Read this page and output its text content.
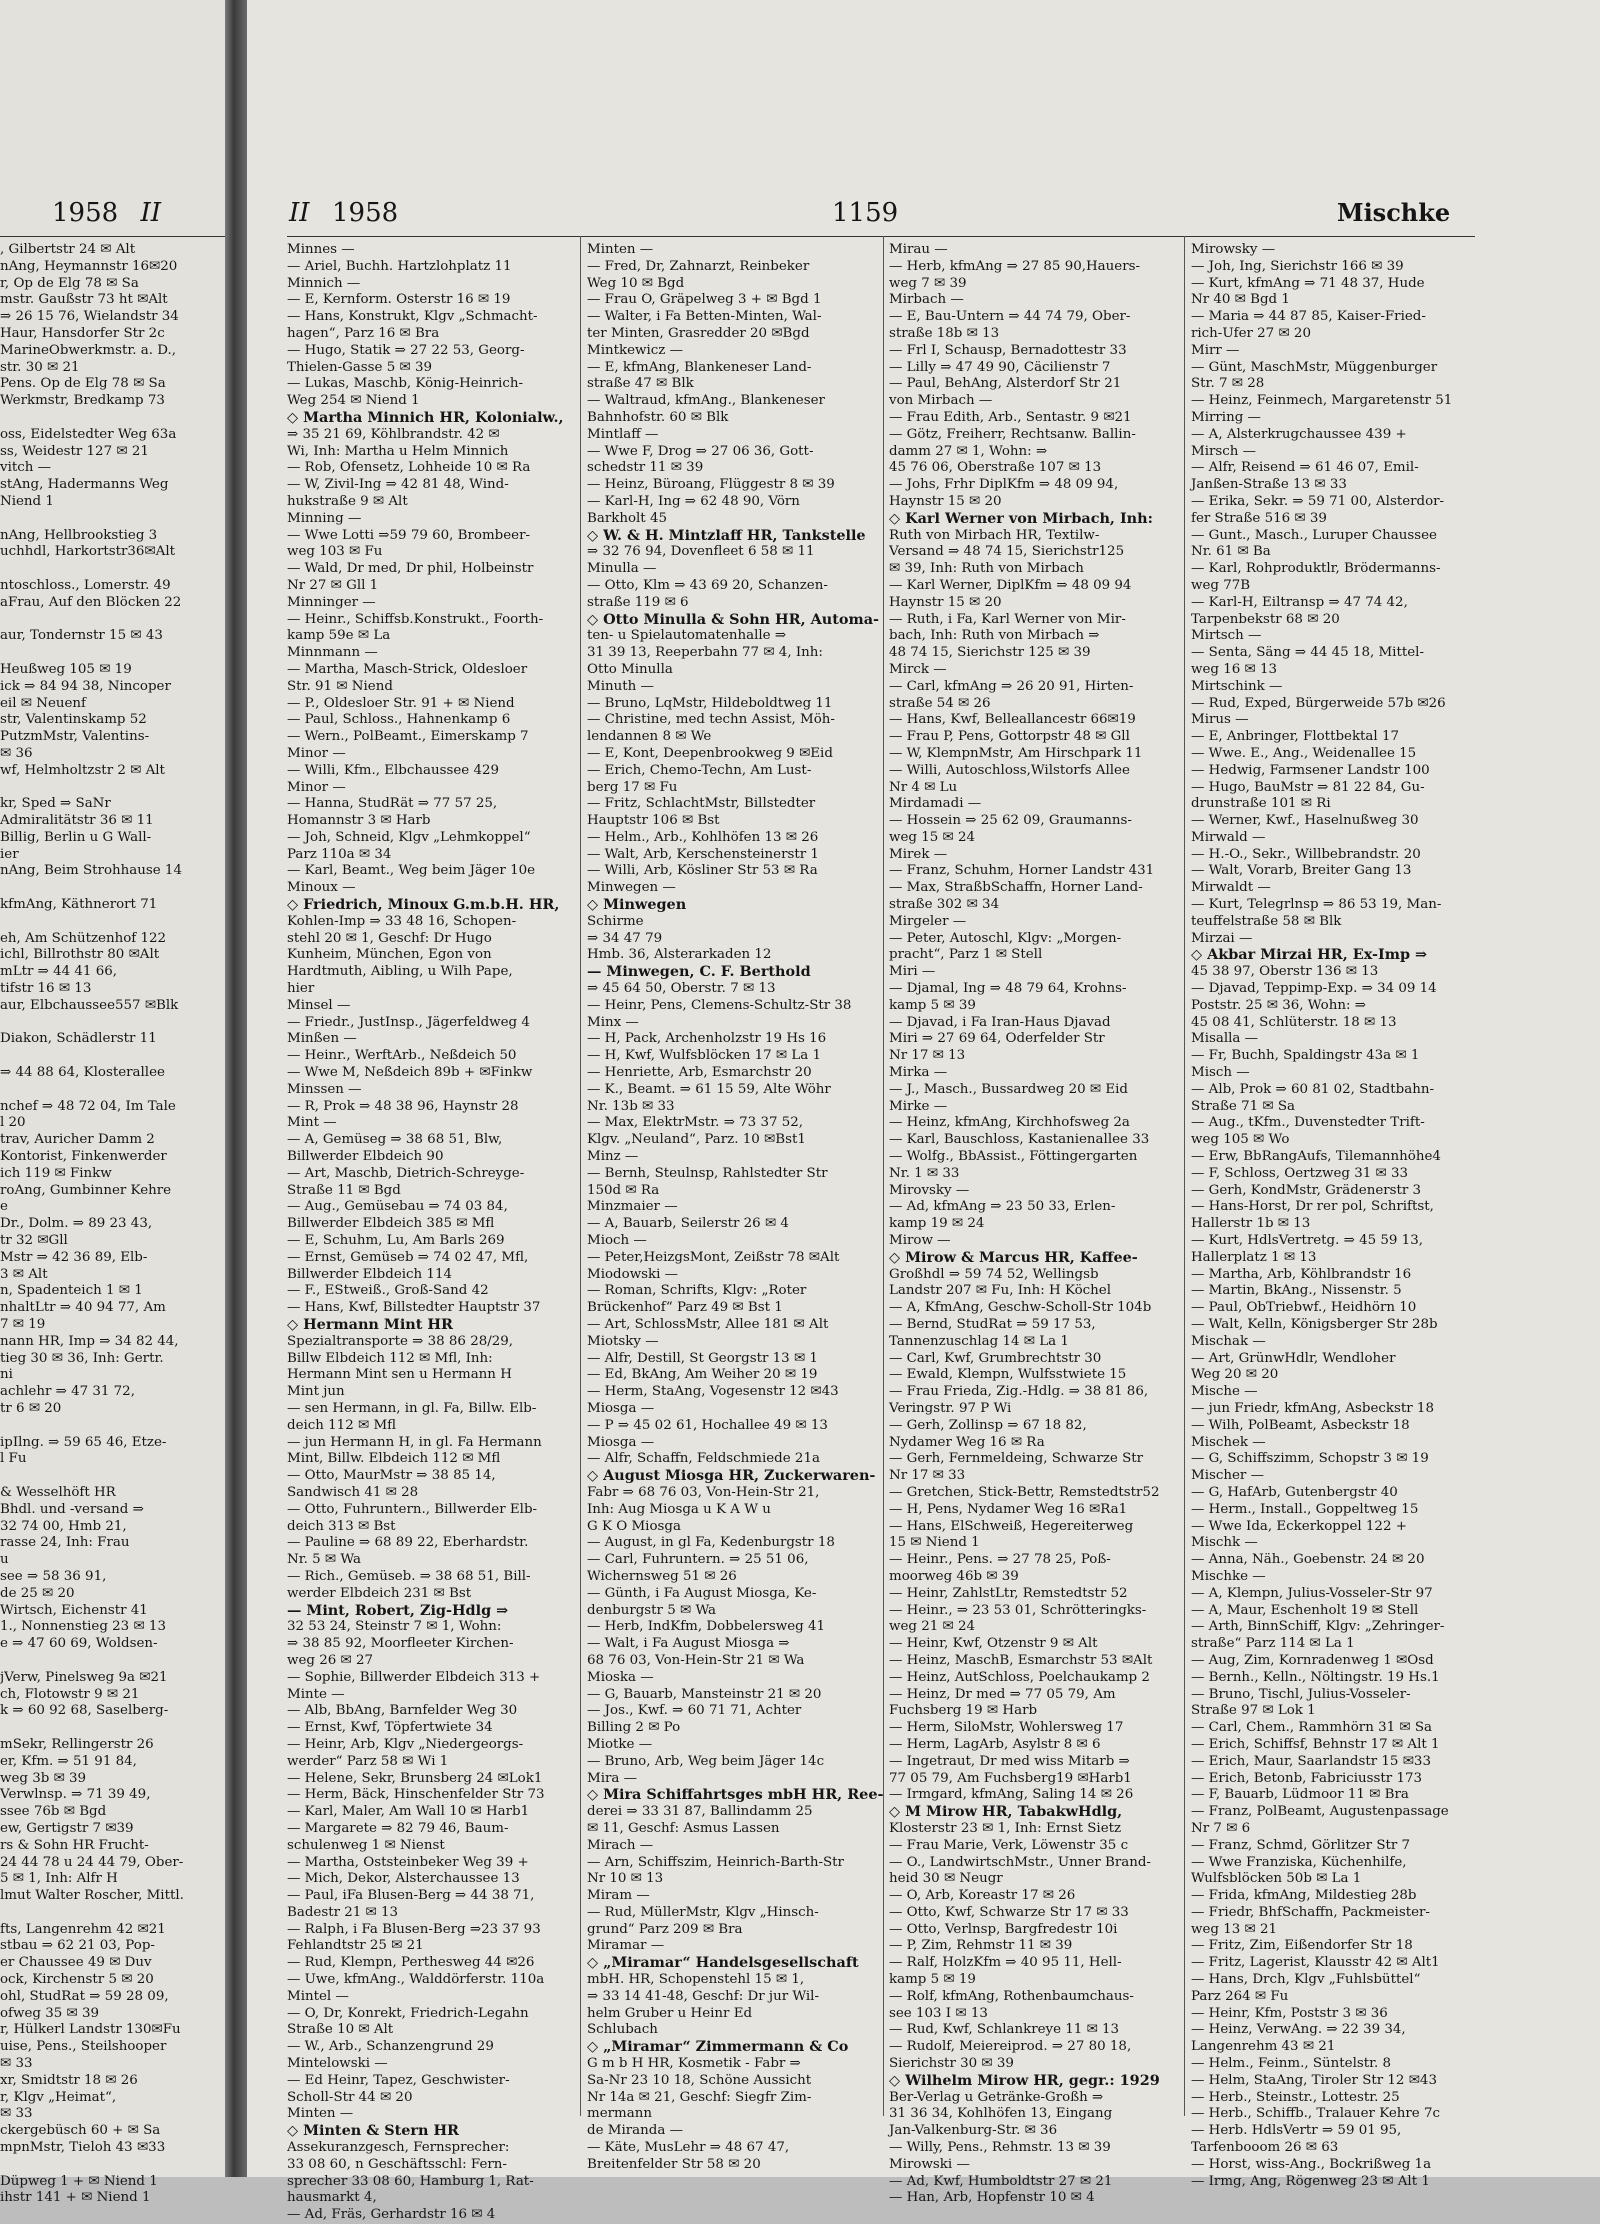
1958 II
, Gilbertstr 24 ✉ Alt
nAng, Heymannstr 16✉20
r, Op de Elg 78 ✉ Sa
mstr. Gaußstr 73 ht ✉Alt
⇒ 26 15 76, Wielandstr 34
Haur, Hansdorfer Str 2c
MarineObwerkmstr. a. D.,
str. 30 ✉ 21
Pens. Op de Elg 78 ✉ Sa
Werkmstr, Bredkamp 73

oss, Eidelstedter Weg 63a
ss, Weidestr 127 ✉ 21
vitch —
stAng, Hadermanns Weg
Niend 1

nAng, Hellbrookstieg 3
uchhdl, Harkortstr36✉Alt

ntoschloss., Lomerstr. 49
aFrau, Auf den Blöcken 22

aur, Tondernstr 15 ✉ 43

Heußweg 105 ✉ 19
ick ⇒ 84 94 38, Nincoper
eil ✉ Neuenf
str, Valentinskamp 52
PutzmMstr, Valentins-
✉ 36
wf, Helmholtzstr 2 ✉ Alt

kr, Sped ⇒ SaNr
Admiralitätstr 36 ✉ 11
Billig, Berlin u G Wall-
ier
nAng, Beim Strohhause 14

kfmAng, Käthnerort 71

eh, Am Schützenhof 122
ichl, Billrothstr 80 ✉Alt
mLtr ⇒ 44 41 66,
tifstr 16 ✉ 13
aur, Elbchaussee557 ✉Blk

Diakon, Schädlerstr 11

⇒ 44 88 64, Klosterallee

nchef ⇒ 48 72 04, Im Tale
l 20
trav, Auricher Damm 2
Kontorist, Finkenwerder
ich 119 ✉ Finkw
roAng, Gumbinner Kehre
e
Dr., Dolm. ⇒ 89 23 43,
tr 32 ✉Gll
Mstr ⇒ 42 36 89, Elb-
3 ✉ Alt
n, Spadenteich 1 ✉ 1
nhaltLtr ⇒ 40 94 77, Am
7 ✉ 19
nann HR, Imp ⇒ 34 82 44,
tieg 30 ✉ 36, Inh: Gertr.
ni
achlehr ⇒ 47 31 72,
tr 6 ✉ 20

ipIlng. ⇒ 59 65 46, Etze-
l Fu

& Wesselhöft HR
Bhdl. und -versand ⇒
32 74 00, Hmb 21,
rasse 24, Inh: Frau
u
see ⇒ 58 36 91,
de 25 ✉ 20
Wirtsch, Eichenstr 41
1., Nonnenstieg 23 ✉ 13
e ⇒ 47 60 69, Woldsen-

jVerw, Pinelsweg 9a ✉21
ch, Flotowstr 9 ✉ 21
k ⇒ 60 92 68, Saselberg-

mSekr, Rellingerstr 26
er, Kfm. ⇒ 51 91 84,
weg 3b ✉ 39
Verwlnsp. ⇒ 71 39 49,
ssee 76b ✉ Bgd
ew, Gertigstr 7 ✉39
rs & Sohn HR Frucht-
24 44 78 u 24 44 79, Ober-
5 ✉ 1, Inh: Alfr H
lmut Walter Roscher, Mittl.

fts, Langenrehm 42 ✉21
stbau ⇒ 62 21 03, Pop-
er Chaussee 49 ✉ Duv
ock, Kirchenstr 5 ✉ 20
ohl, StudRat ⇒ 59 28 09,
ofweg 35 ✉ 39
r, Hülkerl Landstr 130✉Fu
uise, Pens., Steilshooper
✉ 33
xr, Smidtstr 18 ✉ 26
r, Klgv „Heimat“,
✉ 33
ckergebüsch 60 + ✉ Sa
mpnMstr, Tieloh 43 ✉33

Düpweg 1 + ✉ Niend 1
ihstr 141 + ✉ Niend 1
II 1958	1159	Mischke
Minnes —
— Ariel, Buchh. Hartzlohplatz 11
Minnich —
— E, Kernform. Osterstr 16 ✉ 19
— Hans, Konstrukt, Klgv „Schmacht-
hagen“, Parz 16 ✉ Bra
— Hugo, Statik ⇒ 27 22 53, Georg-
Thielen-Gasse 5 ✉ 39
— Lukas, Maschb, König-Heinrich-
Weg 254 ✉ Niend 1
◇ Martha Minnich HR, Kolonialw.,
⇒ 35 21 69, Köhlbrandstr. 42 ✉
Wi, Inh: Martha u Helm Minnich
— Rob, Ofensetz, Lohheide 10 ✉ Ra
— W, Zivil-Ing ⇒ 42 81 48, Wind-
hukstraße 9 ✉ Alt
Minning —
— Wwe Lotti ⇒59 79 60, Brombeer-
weg 103 ✉ Fu
— Wald, Dr med, Dr phil, Holbeinstr
Nr 27 ✉ Gll 1
Minninger —
— Heinr., Schiffsb.Konstrukt., Foorth-
kamp 59e ✉ La
Minnmann —
— Martha, Masch-Strick, Oldesloer
Str. 91 ✉ Niend
— P., Oldesloer Str. 91 + ✉ Niend
— Paul, Schloss., Hahnenkamp 6
— Wern., PolBeamt., Eimerskamp 7
Minor —
— Willi, Kfm., Elbchaussee 429
Minor —
— Hanna, StudRät ⇒ 77 57 25,
Homannstr 3 ✉ Harb
— Joh, Schneid, Klgv „Lehmkoppel“
Parz 110a ✉ 34
— Karl, Beamt., Weg beim Jäger 10e
Minoux —
◇ Friedrich, Minoux G.m.b.H. HR,
Kohlen-Imp ⇒ 33 48 16, Schopen-
stehl 20 ✉ 1, Geschf: Dr Hugo
Kunheim, München, Egon von
Hardtmuth, Aibling, u Wilh Pape,
hier
Minsel —
— Friedr., JustInsp., Jägerfeldweg 4
Minßen —
— Heinr., WerftArb., Neßdeich 50
— Wwe M, Neßdeich 89b + ✉Finkw
Minssen —
— R, Prok ⇒ 48 38 96, Haynstr 28
Mint —
— A, Gemüseg ⇒ 38 68 51, Blw,
Billwerder Elbdeich 90
— Art, Maschb, Dietrich-Schreyge-
Straße 11 ✉ Bgd
— Aug., Gemüsebau ⇒ 74 03 84,
Billwerder Elbdeich 385 ✉ Mfl
— E, Schuhm, Lu, Am Barls 269
— Ernst, Gemüseb ⇒ 74 02 47, Mfl,
Billwerder Elbdeich 114
— F., EStweiß., Groß-Sand 42
— Hans, Kwf, Billstedter Hauptstr 37
◇ Hermann Mint HR
Spezialtransporte ⇒ 38 86 28/29,
Billw Elbdeich 112 ✉ Mfl, Inh:
Hermann Mint sen u Hermann H
Mint jun
— sen Hermann, in gl. Fa, Billw. Elb-
deich 112 ✉ Mfl
— jun Hermann H, in gl. Fa Hermann
Mint, Billw. Elbdeich 112 ✉ Mfl
— Otto, MaurMstr ⇒ 38 85 14,
Sandwisch 41 ✉ 28
— Otto, Fuhruntern., Billwerder Elb-
deich 313 ✉ Bst
— Pauline ⇒ 68 89 22, Eberhardstr.
Nr. 5 ✉ Wa
— Rich., Gemüseb. ⇒ 38 68 51, Bill-
werder Elbdeich 231 ✉ Bst
— Mint, Robert, Zig-Hdlg ⇒
32 53 24, Steinstr 7 ✉ 1, Wohn:
⇒ 38 85 92, Moorfleeter Kirchen-
weg 26 ✉ 27
— Sophie, Billwerder Elbdeich 313 +
Minte —
— Alb, BbAng, Barnfelder Weg 30
— Ernst, Kwf, Töpfertwiete 34
— Heinr, Arb, Klgv „Niedergeorgs-
werder“ Parz 58 ✉ Wi 1
— Helene, Sekr, Brunsberg 24 ✉Lok1
— Herm, Bäck, Hinschenfelder Str 73
— Karl, Maler, Am Wall 10 ✉ Harb1
— Margarete ⇒ 82 79 46, Baum-
schulenweg 1 ✉ Nienst
— Martha, Oststeinbeker Weg 39 +
— Mich, Dekor, Alsterchaussee 13
— Paul, iFa Blusen-Berg ⇒ 44 38 71,
Badestr 21 ✉ 13
— Ralph, i Fa Blusen-Berg ⇒23 37 93
Fehlandtstr 25 ✉ 21
— Rud, Klempn, Perthesweg 44 ✉26
— Uwe, kfmAng., Walddörferstr. 110a
Mintel —
— O, Dr, Konrekt, Friedrich-Legahn
Straße 10 ✉ Alt
— W., Arb., Schanzengrund 29
Mintelowski —
— Ed Heinr, Tapez, Geschwister-
Scholl-Str 44 ✉ 20
Minten —
◇ Minten & Stern HR
Assekuranzgesch, Fernsprecher:
33 08 60, n Geschäftsschl: Fern-
sprecher 33 08 60, Hamburg 1, Rat-
hausmarkt 4,
— Ad, Fräs, Gerhardstr 16 ✉ 4
Minten —
— Fred, Dr, Zahnarzt, Reinbeker
Weg 10 ✉ Bgd
— Frau O, Gräpelweg 3 + ✉ Bgd 1
— Walter, i Fa Betten-Minten, Wal-
ter Minten, Grasredder 20 ✉Bgd
Mintkewicz —
— E, kfmAng, Blankeneser Land-
straße 47 ✉ Blk
— Waltraud, kfmAng., Blankeneser
Bahnhofstr. 60 ✉ Blk
Mintlaff —
— Wwe F, Drog ⇒ 27 06 36, Gott-
schedstr 11 ✉ 39
— Heinz, Büroang, Flüggestr 8 ✉ 39
— Karl-H, Ing ⇒ 62 48 90, Vörn
Barkholt 45
◇ W. & H. Mintzlaff HR, Tankstelle
⇒ 32 76 94, Dovenfleet 6 58 ✉ 11
Minulla —
— Otto, Klm ⇒ 43 69 20, Schanzen-
straße 119 ✉ 6
◇ Otto Minulla & Sohn HR, Automa-
ten- u Spielautomatenhalle ⇒
31 39 13, Reeperbahn 77 ✉ 4, Inh:
Otto Minulla
Minuth —
— Bruno, LqMstr, Hildeboldtweg 11
— Christine, med techn Assist, Möh-
lendannen 8 ✉ We
— E, Kont, Deepenbrookweg 9 ✉Eid
— Erich, Chemo-Techn, Am Lust-
berg 17 ✉ Fu
— Fritz, SchlachtMstr, Billstedter
Hauptstr 106 ✉ Bst
— Helm., Arb., Kohlhöfen 13 ✉ 26
— Walt, Arb, Kerschensteinerstr 1
— Willi, Arb, Kösliner Str 53 ✉ Ra
Minwegen —
◇ Minwegen
Schirme
⇒ 34 47 79
Hmb. 36, Alsterarkaden 12
— Minwegen, C. F. Berthold
⇒ 45 64 50, Oberstr. 7 ✉ 13
— Heinr, Pens, Clemens-Schultz-Str 38
Minx —
— H, Pack, Archenholzstr 19 Hs 16
— H, Kwf, Wulfsblöcken 17 ✉ La 1
— Henriette, Arb, Esmarchstr 20
— K., Beamt. ⇒ 61 15 59, Alte Wöhr
Nr. 13b ✉ 33
— Max, ElektrMstr. ⇒ 73 37 52,
Klgv. „Neuland“, Parz. 10 ✉Bst1
Minz —
— Bernh, Steulnsp, Rahlstedter Str
150d ✉ Ra
Minzmaier —
— A, Bauarb, Seilerstr 26 ✉ 4
Mioch —
— Peter,HeizgsMont, Zeißstr 78 ✉Alt
Miodowski —
— Roman, Schrifts, Klgv: „Roter
Brückenhof“ Parz 49 ✉ Bst 1
— Art, SchlossMstr, Allee 181 ✉ Alt
Miotsky —
— Alfr, Destill, St Georgstr 13 ✉ 1
— Ed, BkAng, Am Weiher 20 ✉ 19
— Herm, StaAng, Vogesenstr 12 ✉43
Miosga —
— P ⇒ 45 02 61, Hochallee 49 ✉ 13
Miosga —
— Alfr, Schaffn, Feldschmiede 21a
◇ August Miosga HR, Zuckerwaren-
Fabr ⇒ 68 76 03, Von-Hein-Str 21,
Inh: Aug Miosga u K A W u
G K O Miosga
— August, in gl Fa, Kedenburgstr 18
— Carl, Fuhruntern. ⇒ 25 51 06,
Wichernsweg 51 ✉ 26
— Günth, i Fa August Miosga, Ke-
denburgstr 5 ✉ Wa
— Herb, IndKfm, Dobbelersweg 41
— Walt, i Fa August Miosga ⇒
68 76 03, Von-Hein-Str 21 ✉ Wa
Mioska —
— G, Bauarb, Mansteinstr 21 ✉ 20
— Jos., Kwf. ⇒ 60 71 71, Achter
Billing 2 ✉ Po
Miotke —
— Bruno, Arb, Weg beim Jäger 14c
Mira —
◇ Mira Schiffahrtsges mbH HR, Ree-
derei ⇒ 33 31 87, Ballindamm 25
✉ 11, Geschf: Asmus Lassen
Mirach —
— Arn, Schiffszim, Heinrich-Barth-Str
Nr 10 ✉ 13
Miram —
— Rud, MüllerMstr, Klgv „Hinsch-
grund“ Parz 209 ✉ Bra
Miramar —
◇ „Miramar“ Handelsgesellschaft
mbH. HR, Schopenstehl 15 ✉ 1,
⇒ 33 14 41-48, Geschf: Dr jur Wil-
helm Gruber u Heinr Ed
Schlubach
◇ „Miramar“ Zimmermann & Co
G m b H HR, Kosmetik - Fabr ⇒
Sa-Nr 23 10 18, Schöne Aussicht
Nr 14a ✉ 21, Geschf: Siegfr Zim-
mermann
de Miranda —
— Käte, MusLehr ⇒ 48 67 47,
Breitenfelder Str 58 ✉ 20
Mirau —
— Herb, kfmAng ⇒ 27 85 90,Hauers-
weg 7 ✉ 39
Mirbach —
— E, Bau-Untern ⇒ 44 74 79, Ober-
straße 18b ✉ 13
— Frl I, Schausp, Bernadottestr 33
— Lilly ⇒ 47 49 90, Cäcilienstr 7
— Paul, BehAng, Alsterdorf Str 21
von Mirbach —
— Frau Edith, Arb., Sentastr. 9 ✉21
— Götz, Freiherr, Rechtsanw. Ballin-
damm 27 ✉ 1, Wohn: ⇒
45 76 06, Oberstraße 107 ✉ 13
— Johs, Frhr DiplKfm ⇒ 48 09 94,
Haynstr 15 ✉ 20
◇ Karl Werner von Mirbach, Inh:
Ruth von Mirbach HR, Textilw-
Versand ⇒ 48 74 15, Sierichstr125
✉ 39, Inh: Ruth von Mirbach
— Karl Werner, DiplKfm ⇒ 48 09 94
Haynstr 15 ✉ 20
— Ruth, i Fa, Karl Werner von Mir-
bach, Inh: Ruth von Mirbach ⇒
48 74 15, Sierichstr 125 ✉ 39
Mirck —
— Carl, kfmAng ⇒ 26 20 91, Hirten-
straße 54 ✉ 26
— Hans, Kwf, Belleallancestr 66✉19
— Frau P, Pens, Gottorpstr 48 ✉ Gll
— W, KlempnMstr, Am Hirschpark 11
— Willi, Autoschloss,Wilstorfs Allee
Nr 4 ✉ Lu
Mirdamadi —
— Hossein ⇒ 25 62 09, Graumanns-
weg 15 ✉ 24
Mirek —
— Franz, Schuhm, Horner Landstr 431
— Max, StraßbSchaffn, Horner Land-
straße 302 ✉ 34
Mirgeler —
— Peter, Autoschl, Klgv: „Morgen-
pracht“, Parz 1 ✉ Stell
Miri —
— Djamal, Ing ⇒ 48 79 64, Krohns-
kamp 5 ✉ 39
— Djavad, i Fa Iran-Haus Djavad
Miri ⇒ 27 69 64, Oderfelder Str
Nr 17 ✉ 13
Mirka —
— J., Masch., Bussardweg 20 ✉ Eid
Mirke —
— Heinz, kfmAng, Kirchhofsweg 2a
— Karl, Bauschloss, Kastanienallee 33
— Wolfg., BbAssist., Föttingergarten
Nr. 1 ✉ 33
Mirovsky —
— Ad, kfmAng ⇒ 23 50 33, Erlen-
kamp 19 ✉ 24
Mirow —
◇ Mirow & Marcus HR, Kaffee-
Großhdl ⇒ 59 74 52, Wellingsb
Landstr 207 ✉ Fu, Inh: H Köchel
— A, KfmAng, Geschw-Scholl-Str 104b
— Bernd, StudRat ⇒ 59 17 53,
Tannenzuschlag 14 ✉ La 1
— Carl, Kwf, Grumbrechtstr 30
— Ewald, Klempn, Wulfsstwiete 15
— Frau Frieda, Zig.-Hdlg. ⇒ 38 81 86,
Veringstr. 97 P Wi
— Gerh, Zollinsp ⇒ 67 18 82,
Nydamer Weg 16 ✉ Ra
— Gerh, Fernmeldeing, Schwarze Str
Nr 17 ✉ 33
— Gretchen, Stick-Bettr, Remstedtstr52
— H, Pens, Nydamer Weg 16 ✉Ra1
— Hans, ElSchweiß, Hegereiterweg
15 ✉ Niend 1
— Heinr., Pens. ⇒ 27 78 25, Poß-
moorweg 46b ✉ 39
— Heinr, ZahlstLtr, Remstedtstr 52
— Heinr., ⇒ 23 53 01, Schrötteringks-
weg 21 ✉ 24
— Heinr, Kwf, Otzenstr 9 ✉ Alt
— Heinz, MaschB, Esmarchstr 53 ✉Alt
— Heinz, AutSchloss, Poelchaukamp 2
— Heinz, Dr med ⇒ 77 05 79, Am
Fuchsberg 19 ✉ Harb
— Herm, SiloMstr, Wohlersweg 17
— Herm, LagArb, Asylstr 8 ✉ 6
— Ingetraut, Dr med wiss Mitarb ⇒
77 05 79, Am Fuchsberg19 ✉Harb1
— Irmgard, kfmAng, Saling 14 ✉ 26
◇ M Mirow HR, TabakwHdlg,
Klosterstr 23 ✉ 1, Inh: Ernst Sietz
— Frau Marie, Verk, Löwenstr 35 c
— O., LandwirtschMstr., Unner Brand-
heid 30 ✉ Neugr
— O, Arb, Koreastr 17 ✉ 26
— Otto, Kwf, Schwarze Str 17 ✉ 33
— Otto, Verlnsp, Bargfredestr 10i
— P, Zim, Rehmstr 11 ✉ 39
— Ralf, HolzKfm ⇒ 40 95 11, Hell-
kamp 5 ✉ 19
— Rolf, kfmAng, Rothenbaumchaus-
see 103 I ✉ 13
— Rud, Kwf, Schlankreye 11 ✉ 13
— Rudolf, Meiereiprod. ⇒ 27 80 18,
Sierichstr 30 ✉ 39
◇ Wilhelm Mirow HR, gegr.: 1929
Ber-Verlag u Getränke-Großh ⇒
31 36 34, Kohlhöfen 13, Eingang
Jan-Valkenburg-Str. ✉ 36
— Willy, Pens., Rehmstr. 13 ✉ 39
Mirowski —
— Ad, Kwf, Humboldtstr 27 ✉ 21
— Han, Arb, Hopfenstr 10 ✉ 4
Mirowsky —
— Joh, Ing, Sierichstr 166 ✉ 39
— Kurt, kfmAng ⇒ 71 48 37, Hude
Nr 40 ✉ Bgd 1
— Maria ⇒ 44 87 85, Kaiser-Fried-
rich-Ufer 27 ✉ 20
Mirr —
— Günt, MaschMstr, Müggenburger
Str. 7 ✉ 28
— Heinz, Feinmech, Margaretenstr 51
Mirring —
— A, Alsterkrugchaussee 439 +
Mirsch —
— Alfr, Reisend ⇒ 61 46 07, Emil-
Janßen-Straße 13 ✉ 33
— Erika, Sekr. ⇒ 59 71 00, Alsterdor-
fer Straße 516 ✉ 39
— Gunt., Masch., Luruper Chaussee
Nr. 61 ✉ Ba
— Karl, Rohproduktlr, Brödermanns-
weg 77B
— Karl-H, Eiltransp ⇒ 47 74 42,
Tarpenbekstr 68 ✉ 20
Mirtsch —
— Senta, Säng ⇒ 44 45 18, Mittel-
weg 16 ✉ 13
Mirtschink —
— Rud, Exped, Bürgerweide 57b ✉26
Mirus —
— E, Anbringer, Flottbektal 17
— Wwe. E., Ang., Weidenallee 15
— Hedwig, Farmsener Landstr 100
— Hugo, BauMstr ⇒ 81 22 84, Gu-
drunstraße 101 ✉ Ri
— Werner, Kwf., Haselnußweg 30
Mirwald —
— H.-O., Sekr., Willbebrandstr. 20
— Walt, Vorarb, Breiter Gang 13
Mirwaldt —
— Kurt, Telegrlnsp ⇒ 86 53 19, Man-
teuffelstraße 58 ✉ Blk
Mirzai —
◇ Akbar Mirzai HR, Ex-Imp ⇒
45 38 97, Oberstr 136 ✉ 13
— Djavad, Teppimp-Exp. ⇒ 34 09 14
Poststr. 25 ✉ 36, Wohn: ⇒
45 08 41, Schlüterstr. 18 ✉ 13
Misalla —
— Fr, Buchh, Spaldingstr 43a ✉ 1
Misch —
— Alb, Prok ⇒ 60 81 02, Stadtbahn-
Straße 71 ✉ Sa
— Aug., tKfm., Duvenstedter Trift-
weg 105 ✉ Wo
— Erw, BbRangAufs, Tilemannhöhe4
— F, Schloss, Oertzweg 31 ✉ 33
— Gerh, KondMstr, Grädenerstr 3
— Hans-Horst, Dr rer pol, Schriftst,
Hallerstr 1b ✉ 13
— Kurt, HdlsVertretg. ⇒ 45 59 13,
Hallerplatz 1 ✉ 13
— Martha, Arb, Köhlbrandstr 16
— Martin, BkAng., Nissenstr. 5
— Paul, ObTriebwf., Heidhörn 10
— Walt, Kelln, Königsberger Str 28b
Mischak —
— Art, GrünwHdlr, Wendloher
Weg 20 ✉ 20
Mische —
— jun Friedr, kfmAng, Asbeckstr 18
— Wilh, PolBeamt, Asbeckstr 18
Mischek —
— G, Schiffszimm, Schopstr 3 ✉ 19
Mischer —
— G, HafArb, Gutenbergstr 40
— Herm., Install., Goppeltweg 15
— Wwe Ida, Eckerkoppel 122 +
Mischk —
— Anna, Näh., Goebenstr. 24 ✉ 20
Mischke —
— A, Klempn, Julius-Vosseler-Str 97
— A, Maur, Eschenholt 19 ✉ Stell
— Arth, BinnSchiff, Klgv: „Zehringer-
straße“ Parz 114 ✉ La 1
— Aug, Zim, Kornradenweg 1 ✉Osd
— Bernh., Kelln., Nöltingstr. 19 Hs.1
— Bruno, Tischl, Julius-Vosseler-
Straße 97 ✉ Lok 1
— Carl, Chem., Rammhörn 31 ✉ Sa
— Erich, Schiffsf, Behnstr 17 ✉ Alt 1
— Erich, Maur, Saarlandstr 15 ✉33
— Erich, Betonb, Fabriciusstr 173
— F, Bauarb, Lüdmoor 11 ✉ Bra
— Franz, PolBeamt, Augustenpassage
Nr 7 ✉ 6
— Franz, Schmd, Görlitzer Str 7
— Wwe Franziska, Küchenhilfe,
Wulfsblöcken 50b ✉ La 1
— Frida, kfmAng, Mildestieg 28b
— Friedr, BhfSchaffn, Packmeister-
weg 13 ✉ 21
— Fritz, Zim, Eißendorfer Str 18
— Fritz, Lagerist, Klausstr 42 ✉ Alt1
— Hans, Drch, Klgv „Fuhlsbüttel“
Parz 264 ✉ Fu
— Heinr, Kfm, Poststr 3 ✉ 36
— Heinz, VerwAng. ⇒ 22 39 34,
Langenrehm 43 ✉ 21
— Helm., Feinm., Süntelstr. 8
— Helm, StaAng, Tiroler Str 12 ✉43
— Herb., Steinstr., Lottestr. 25
— Herb., Schiffb., Tralauer Kehre 7c
— Herb. HdlsVertr ⇒ 59 01 95,
Tarfenbooom 26 ✉ 63
— Horst, wiss-Ang., Bockrißweg 1a
— Irmg, Ang, Rögenweg 23 ✉ Alt 1
